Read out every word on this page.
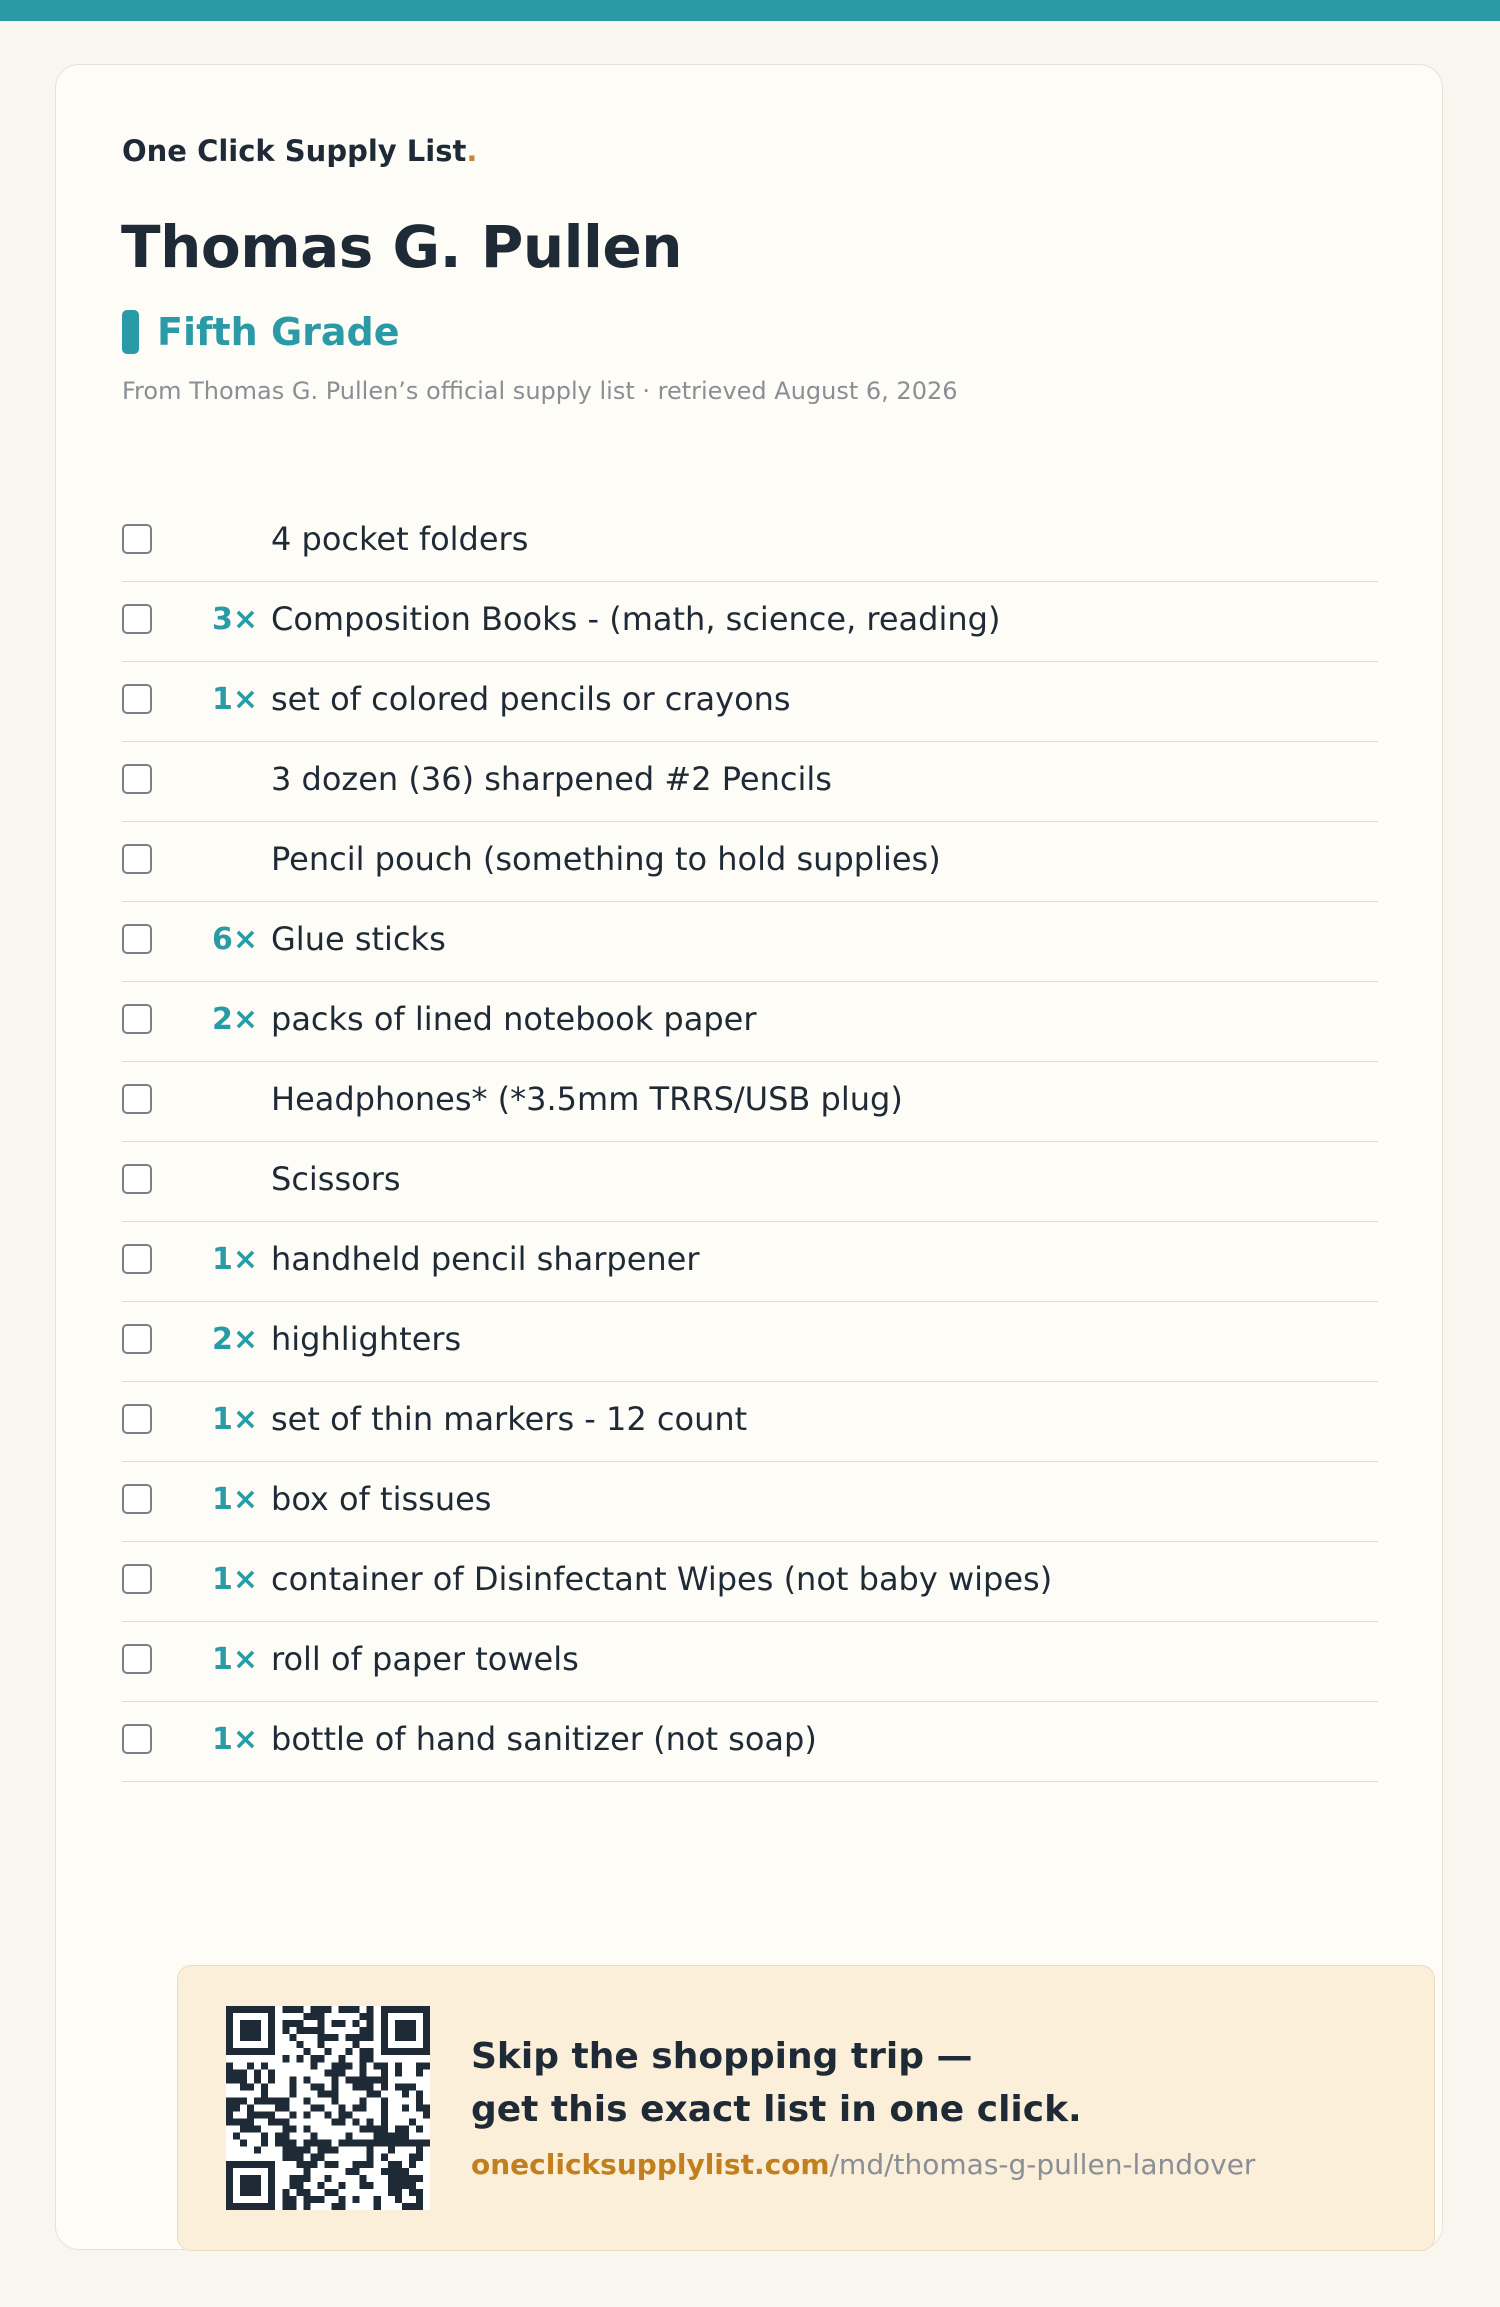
One Click Supply List.
Thomas G. Pullen
Fifth Grade
From Thomas G. Pullen’s official supply list · retrieved August 6, 2026
4 pocket folders
3× Composition Books - (math, science, reading)
1× set of colored pencils or crayons
3 dozen (36) sharpened #2 Pencils
Pencil pouch (something to hold supplies)
6× Glue sticks
2× packs of lined notebook paper
Headphones* (*3.5mm TRRS/USB plug)
Scissors
1× handheld pencil sharpener
2× highlighters
1× set of thin markers - 12 count
1× box of tissues
1× container of Disinfectant Wipes (not baby wipes)
1× roll of paper towels
1× bottle of hand sanitizer (not soap)
Skip the shopping trip —
get this exact list in one click.
oneclicksupplylist.com/md/thomas-g-pullen-landover
